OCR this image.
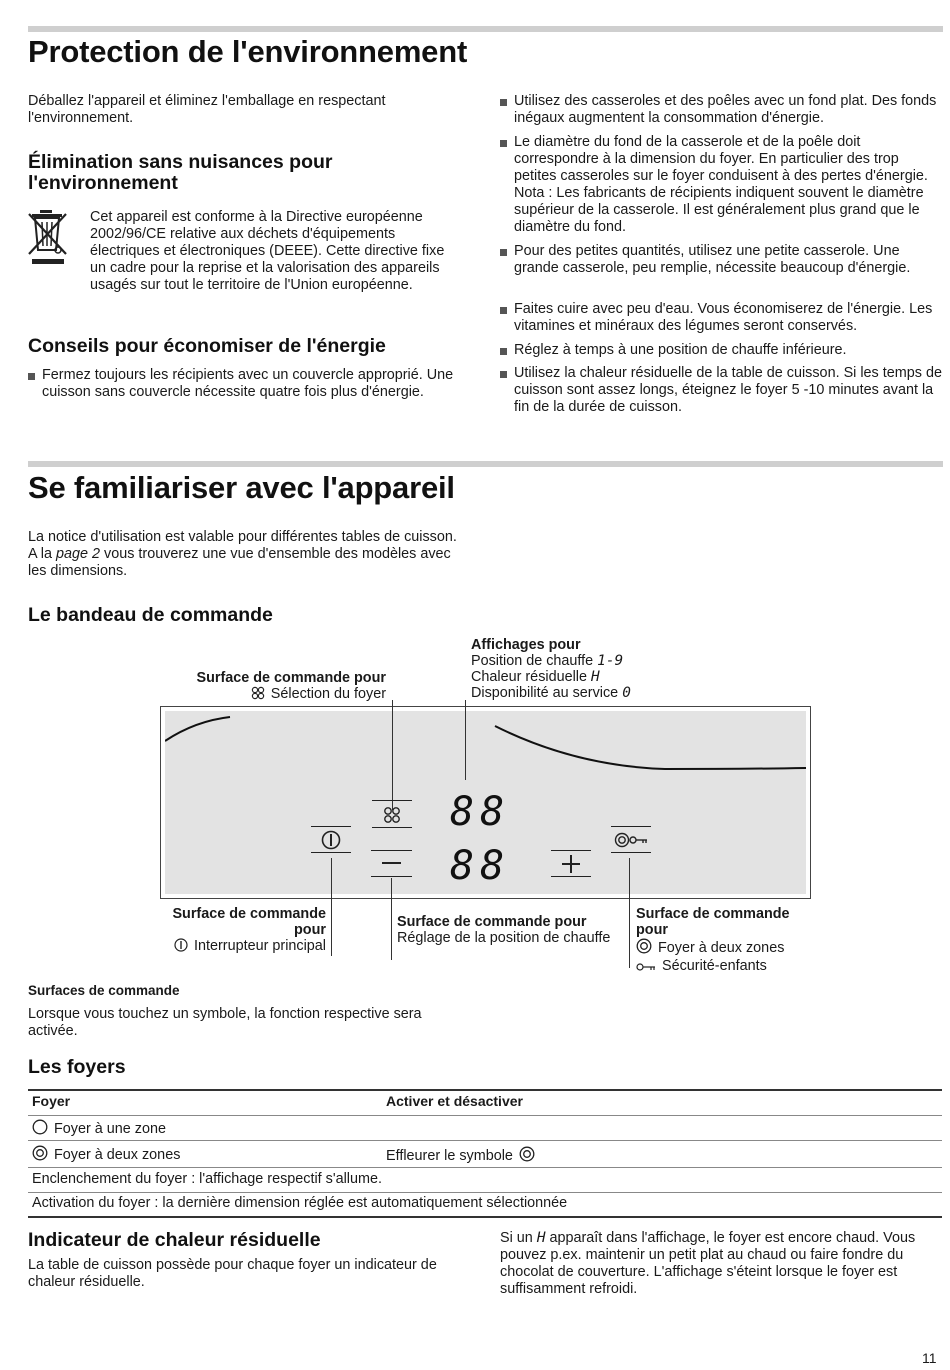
Protection de l'environnement
Déballez l'appareil et éliminez l'emballage en respectant l'environnement.
Élimination sans nuisances pour l'environnement
Cet appareil est conforme à la Directive européenne 2002/96/CE relative aux déchets d'équipements électriques et électroniques (DEEE). Cette directive fixe un cadre pour la reprise et la valorisation des appareils usagés sur tout le territoire de l'Union européenne.
Conseils pour économiser de l'énergie
Fermez toujours les récipients avec un couvercle approprié. Une cuisson sans couvercle nécessite quatre fois plus d'énergie.
Utilisez des casseroles et des poêles avec un fond plat. Des fonds inégaux augmentent la consommation d'énergie.
Le diamètre du fond de la casserole et de la poêle doit correspondre à la dimension du foyer. En particulier des trop petites casseroles sur le foyer conduisent à des pertes d'énergie. Nota : Les fabricants de récipients indiquent souvent le diamètre supérieur de la casserole. Il est généralement plus grand que le diamètre du fond.
Pour des petites quantités, utilisez une petite casserole. Une grande casserole, peu remplie, nécessite beaucoup d'énergie.
Faites cuire avec peu d'eau. Vous économiserez de l'énergie. Les vitamines et minéraux des légumes seront conservés.
Réglez à temps à une position de chauffe inférieure.
Utilisez la chaleur résiduelle de la table de cuisson. Si les temps de cuisson sont assez longs, éteignez le foyer 5 -10 minutes avant la fin de la durée de cuisson.
Se familiariser avec l'appareil
La notice d'utilisation est valable pour différentes tables de cuisson. A la page 2 vous trouverez une vue d'ensemble des modèles avec les dimensions.
Le bandeau de commande
Surface de commande pour
Sélection du foyer
Affichages pour
Position de chauffe 1-9
Chaleur résiduelle H
Disponibilité au service 0
88
88
Surface de commande pour
Interrupteur principal
Surface de commande pour
Réglage de la position de chauffe
Surface de commande pour
Foyer à deux zones
Sécurité-enfants
Surfaces de commande
Lorsque vous touchez un symbole, la fonction respective sera activée.
Les foyers
Foyer	Activer et désactiver
Foyer à une zone
Foyer à deux zones	Effleurer le symbole
Enclenchement du foyer : l'affichage respectif s'allume.
Activation du foyer : la dernière dimension réglée est automatiquement sélectionnée
Indicateur de chaleur résiduelle
La table de cuisson possède pour chaque foyer un indicateur de chaleur résiduelle.
Si un H apparaît dans l'affichage, le foyer est encore chaud. Vous pouvez p.ex. maintenir un petit plat au chaud ou faire fondre du chocolat de couverture. L'affichage s'éteint lorsque le foyer est suffisamment refroidi.
11
